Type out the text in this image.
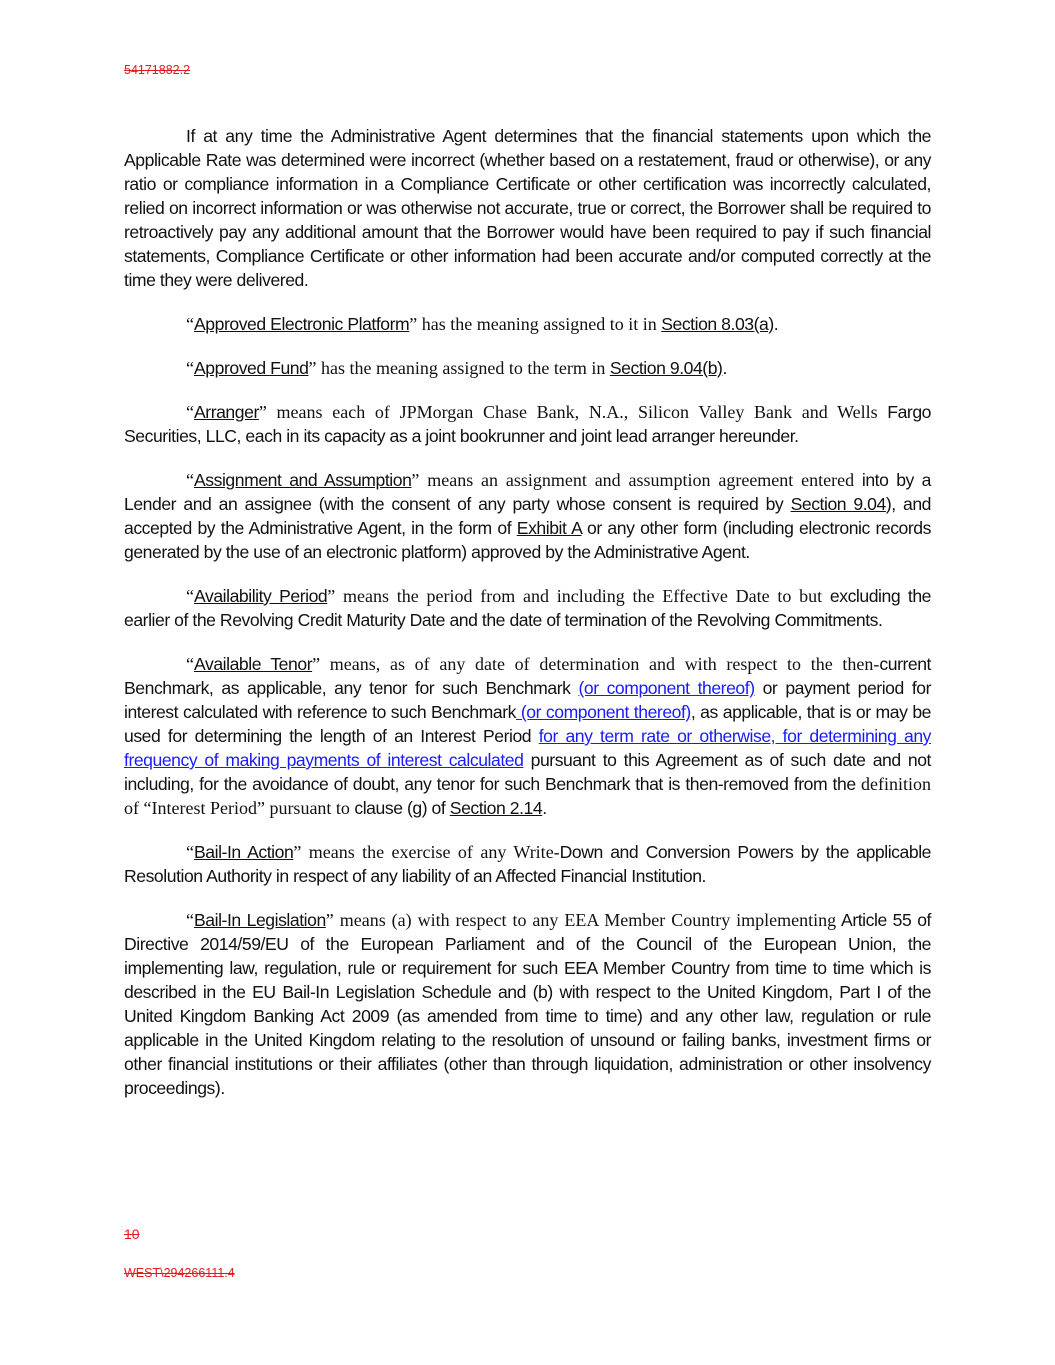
54171882.2

If at any time the Administrative Agent determines that the financial statements upon which the Applicable Rate was determined were incorrect (whether based on a restatement, fraud or otherwise), or any ratio or compliance information in a Compliance Certificate or other certification was incorrectly calculated, relied on incorrect information or was otherwise not accurate, true or correct, the Borrower shall be required to retroactively pay any additional amount that the Borrower would have been required to pay if such financial statements, Compliance Certificate or other information had been accurate and/or computed correctly at the time they were delivered.

“Approved Electronic Platform” has the meaning assigned to it in Section 8.03(a).

“Approved Fund” has the meaning assigned to the term in Section 9.04(b).

“Arranger” means each of JPMorgan Chase Bank, N.A., Silicon Valley Bank and Wells Fargo Securities, LLC, each in its capacity as a joint bookrunner and joint lead arranger hereunder.

“Assignment and Assumption” means an assignment and assumption agreement entered into by a Lender and an assignee (with the consent of any party whose consent is required by Section 9.04), and accepted by the Administrative Agent, in the form of Exhibit A or any other form (including electronic records generated by the use of an electronic platform) approved by the Administrative Agent.

“Availability Period” means the period from and including the Effective Date to but excluding the earlier of the Revolving Credit Maturity Date and the date of termination of the Revolving Commitments.

“Available Tenor” means, as of any date of determination and with respect to the then-current Benchmark, as applicable, any tenor for such Benchmark (or component thereof) or payment period for interest calculated with reference to such Benchmark (or component thereof), as applicable, that is or may be used for determining the length of an Interest Period for any term rate or otherwise, for determining any frequency of making payments of interest calculated pursuant to this Agreement as of such date and not including, for the avoidance of doubt, any tenor for such Benchmark that is then-removed from the definition of “Interest Period” pursuant to clause (g) of Section 2.14.

“Bail-In Action” means the exercise of any Write-Down and Conversion Powers by the applicable Resolution Authority in respect of any liability of an Affected Financial Institution.

“Bail-In Legislation” means (a) with respect to any EEA Member Country implementing Article 55 of Directive 2014/59/EU of the European Parliament and of the Council of the European Union, the implementing law, regulation, rule or requirement for such EEA Member Country from time to time which is described in the EU Bail-In Legislation Schedule and (b) with respect to the United Kingdom, Part I of the United Kingdom Banking Act 2009 (as amended from time to time) and any other law, regulation or rule applicable in the United Kingdom relating to the resolution of unsound or failing banks, investment firms or other financial institutions or their affiliates (other than through liquidation, administration or other insolvency proceedings).

10
WEST\294266111.4
